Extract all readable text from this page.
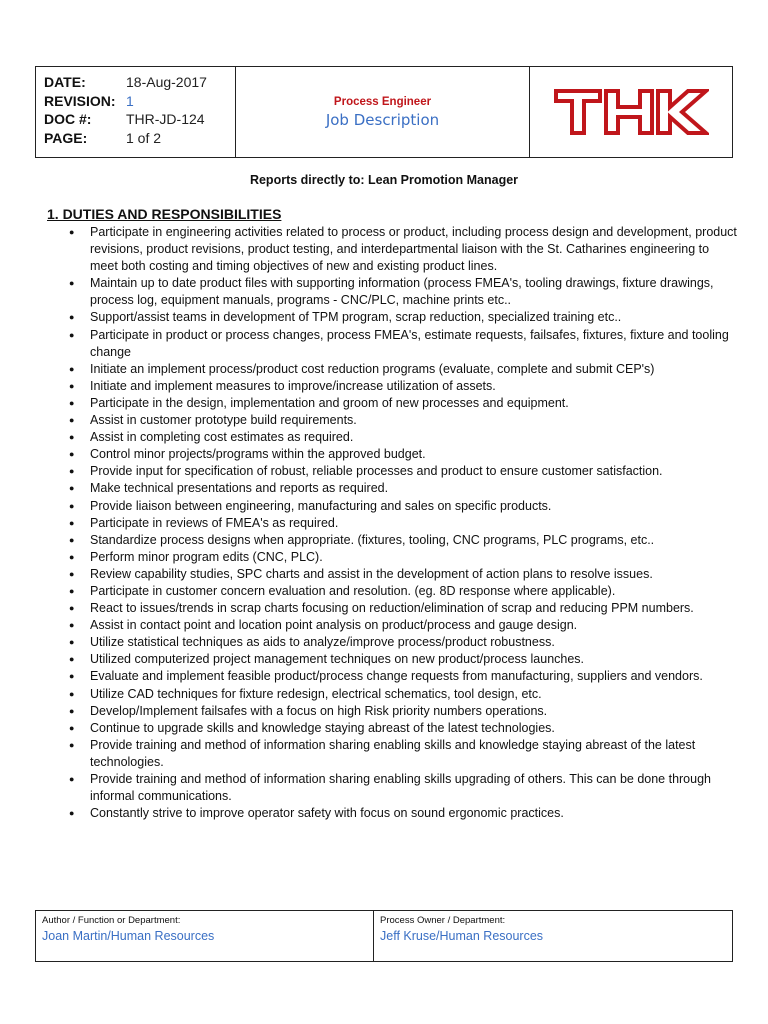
DATE:	18-Aug-2017
REVISION: 1
DOC #:	THR-JD-124
PAGE:	1 of 2
Process Engineer
Job Description
Reports directly to: Lean Promotion Manager
1. DUTIES AND RESPONSIBILITIES
● Participate in engineering activities related to process or product, including process design and development, product revisions, product revisions, product testing, and interdepartmental liaison with the St. Catharines engineering to meet both costing and timing objectives of new and existing product lines.
● Maintain up to date product files with supporting information (process FMEA's, tooling drawings, fixture drawings, process log, equipment manuals, programs - CNC/PLC, machine prints etc..
● Support/assist teams in development of TPM program, scrap reduction, specialized training etc..
● Participate in product or process changes, process FMEA's, estimate requests, failsafes, fixtures, fixture and tooling change
● Initiate an implement process/product cost reduction programs (evaluate, complete and submit CEP's)
● Initiate and implement measures to improve/increase utilization of assets.
● Participate in the design, implementation and groom of new processes and equipment.
● Assist in customer prototype build requirements.
● Assist in completing cost estimates as required.
● Control minor projects/programs within the approved budget.
● Provide input for specification of robust, reliable processes and product to ensure customer satisfaction.
● Make technical presentations and reports as required.
● Provide liaison between engineering, manufacturing and sales on specific products.
● Participate in reviews of FMEA's as required.
● Standardize process designs when appropriate. (fixtures, tooling, CNC programs, PLC programs, etc..
● Perform minor program edits (CNC, PLC).
● Review capability studies, SPC charts and assist in the development of action plans to resolve issues.
● Participate in customer concern evaluation and resolution. (eg. 8D response where applicable).
● React to issues/trends in scrap charts focusing on reduction/elimination of scrap and reducing PPM numbers.
● Assist in contact point and location point analysis on product/process and gauge design.
● Utilize statistical techniques as aids to analyze/improve process/product robustness.
● Utilized computerized project management techniques on new product/process launches.
● Evaluate and implement feasible product/process change requests from manufacturing, suppliers and vendors.
● Utilize CAD techniques for fixture redesign, electrical schematics, tool design, etc.
● Develop/Implement failsafes with a focus on high Risk priority numbers operations.
● Continue to upgrade skills and knowledge staying abreast of the latest technologies.
● Provide training and method of information sharing enabling skills and knowledge staying abreast of the latest technologies.
● Provide training and method of information sharing enabling skills upgrading of others. This can be done through informal communications.
● Constantly strive to improve operator safety with focus on sound ergonomic practices.
Author / Function or Department:
Joan Martin/Human Resources
Process Owner / Department:
Jeff Kruse/Human Resources
